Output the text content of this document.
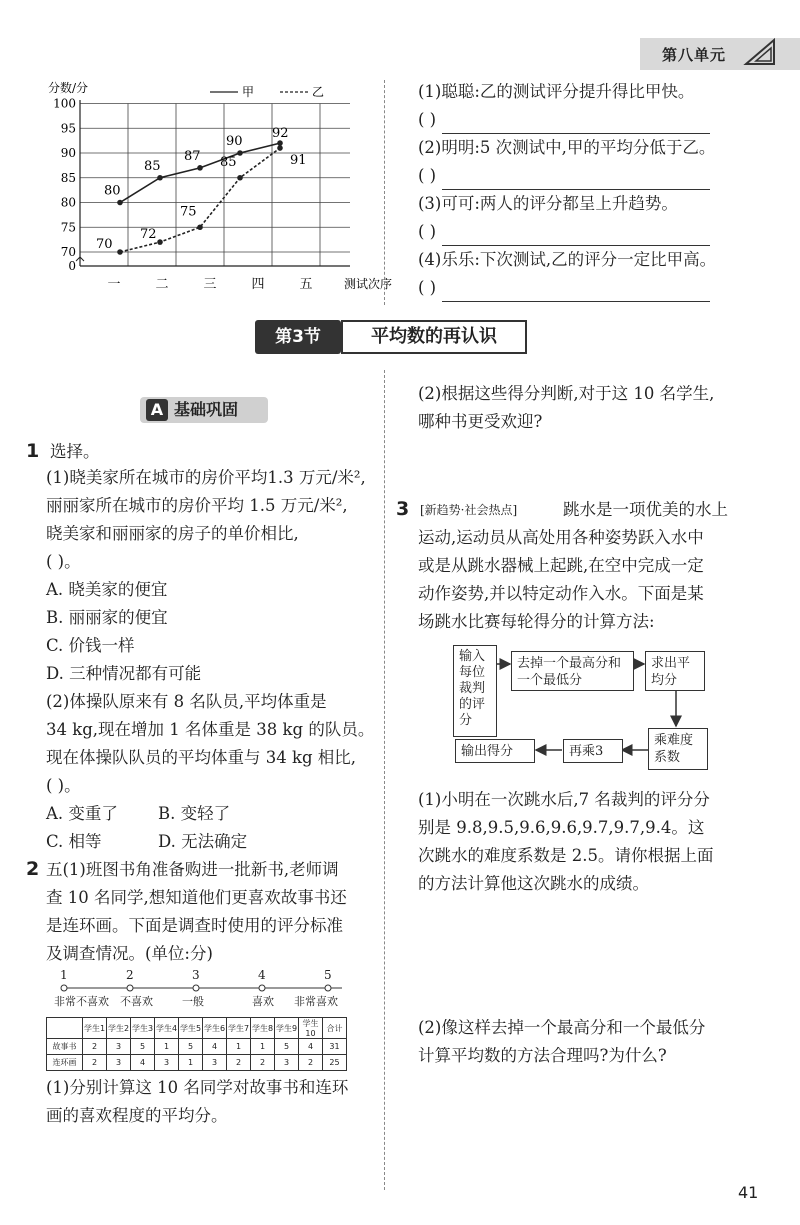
第八单元
0
70
75
80
85
90
95
100
分数/分
一	二	三	四	五	测试次序
甲	乙
80
85
87
90
92
70
72
75
85	91
(1)聪聪:乙的测试评分提升得比甲快。
( )
(2)明明:5 次测试中,甲的平均分低于乙。
( )
(3)可可:两人的评分都呈上升趋势。
( )
(4)乐乐:下次测试,乙的评分一定比甲高。
( )
第3节	平均数的再认识
A 基础巩固
1 选择。
(1)晓美家所在城市的房价平均1.3 万元/米²,
丽丽家所在城市的房价平均 1.5 万元/米²,
晓美家和丽丽家的房子的单价相比,
( )。
A. 晓美家的便宜
B. 丽丽家的便宜
C. 价钱一样
D. 三种情况都有可能
(2)体操队原来有 8 名队员,平均体重是
34 kg,现在增加 1 名体重是 38 kg 的队员。
现在体操队队员的平均体重与 34 kg 相比,
( )。
A. 变重了 B. 变轻了
C. 相等	D. 无法确定
2 五(1)班图书角准备购进一批新书,老师调
查 10 名同学,想知道他们更喜欢故事书还
是连环画。下面是调查时使用的评分标准
及调查情况。(单位:分)
1	2	3	4	5
非常不喜欢 不喜欢	一般	喜欢 非常喜欢
	学生1	学生2	学生3	学生4	学生5	学生6	学生7	学生8	学生9	学生10	合计
故事书	2	3	5	1	5	4	1	1	5	4	31
连环画	2	3	4	3	1	3	2	2	3	2	25
(1)分别计算这 10 名同学对故事书和连环
画的喜欢程度的平均分。
(2)根据这些得分判断,对于这 10 名学生,
哪种书更受欢迎?
3 [新趋势·社会热点]	跳水是一项优美的水上
运动,运动员从高处用各种姿势跃入水中
或是从跳水器械上起跳,在空中完成一定
动作姿势,并以特定动作入水。下面是某
场跳水比赛每轮得分的计算方法:
输入每位裁判的评分
去掉一个最高分和一个最低分
求出平均分
乘难度系数
再乘3
输出得分
(1)小明在一次跳水后,7 名裁判的评分分
别是 9.8,9.5,9.6,9.6,9.7,9.7,9.4。这
次跳水的难度系数是 2.5。请你根据上面
的方法计算他这次跳水的成绩。
(2)像这样去掉一个最高分和一个最低分
计算平均数的方法合理吗?为什么?
41
